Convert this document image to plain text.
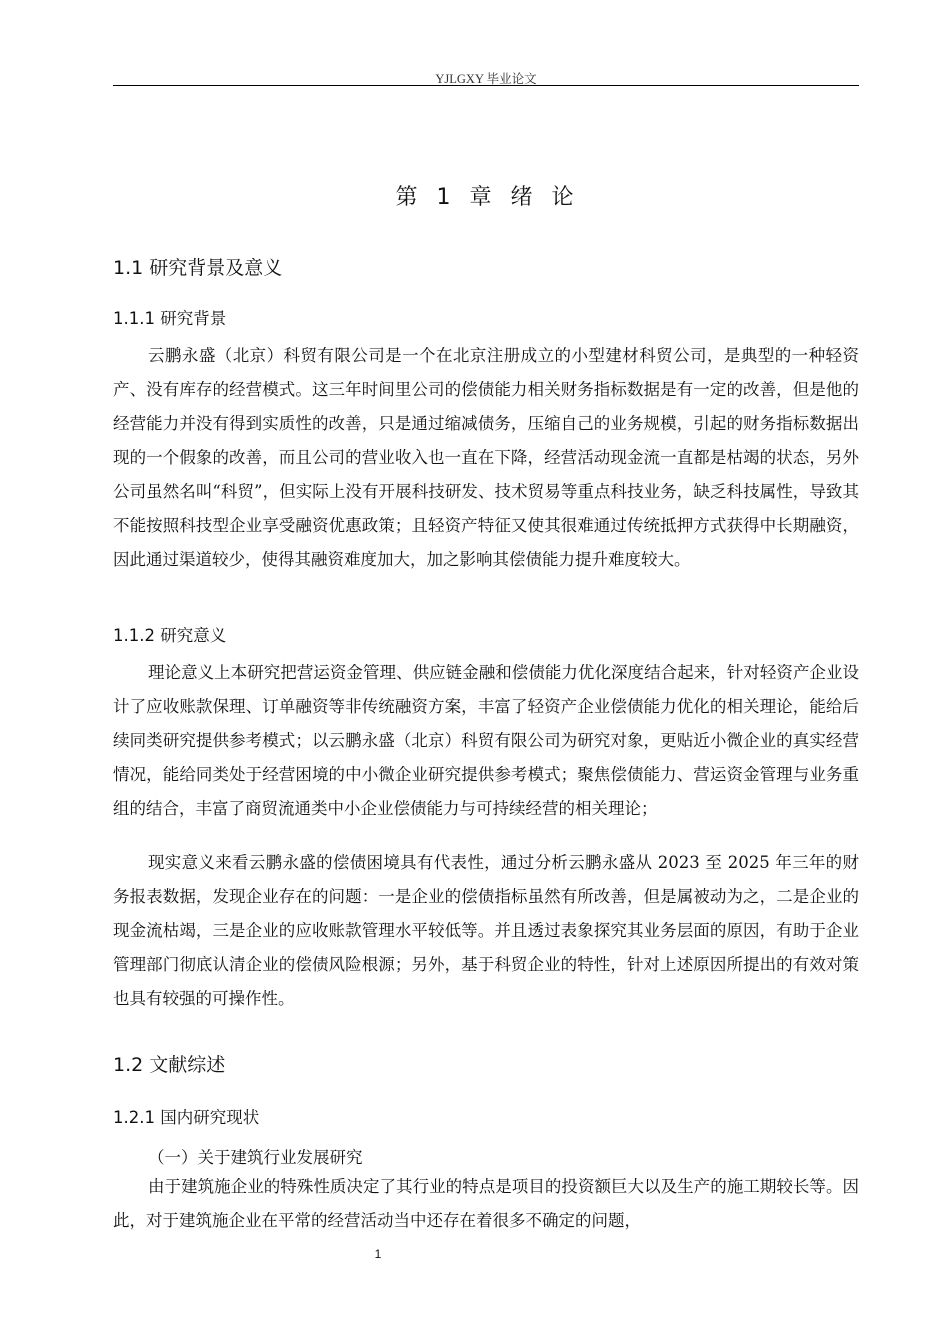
YJLGXY 毕业论文
第 1 章 绪 论
1.1 研究背景及意义
1.1.1 研究背景
云鹏永盛（北京）科贸有限公司是一个在北京注册成立的小型建材科贸公司，是典型的一种轻资产、没有库存的经营模式。这三年时间里公司的偿债能力相关财务指标数据是有一定的改善，但是他的经营能力并没有得到实质性的改善，只是通过缩减债务，压缩自己的业务规模，引起的财务指标数据出现的一个假象的改善，而且公司的营业收入也一直在下降，经营活动现金流一直都是枯竭的状态，另外公司虽然名叫“科贸”，但实际上没有开展科技研发、技术贸易等重点科技业务，缺乏科技属性，导致其不能按照科技型企业享受融资优惠政策；且轻资产特征又使其很难通过传统抵押方式获得中长期融资，因此通过渠道较少，使得其融资难度加大，加之影响其偿债能力提升难度较大。
1.1.2 研究意义
理论意义上本研究把营运资金管理、供应链金融和偿债能力优化深度结合起来，针对轻资产企业设计了应收账款保理、订单融资等非传统融资方案，丰富了轻资产企业偿债能力优化的相关理论，能给后续同类研究提供参考模式；以云鹏永盛（北京）科贸有限公司为研究对象，更贴近小微企业的真实经营情况，能给同类处于经营困境的中小微企业研究提供参考模式；聚焦偿债能力、营运资金管理与业务重组的结合，丰富了商贸流通类中小企业偿债能力与可持续经营的相关理论；
现实意义来看云鹏永盛的偿债困境具有代表性，通过分析云鹏永盛从 2023 至 2025 年三年的财务报表数据，发现企业存在的问题：一是企业的偿债指标虽然有所改善，但是属被动为之，二是企业的现金流枯竭，三是企业的应收账款管理水平较低等。并且透过表象探究其业务层面的原因，有助于企业管理部门彻底认清企业的偿债风险根源；另外，基于科贸企业的特性，针对上述原因所提出的有效对策也具有较强的可操作性。
1.2 文献综述
1.2.1 国内研究现状
（一）关于建筑行业发展研究
由于建筑施企业的特殊性质决定了其行业的特点是项目的投资额巨大以及生产的施工期较长等。因此，对于建筑施企业在平常的经营活动当中还存在着很多不确定的问题，
1
